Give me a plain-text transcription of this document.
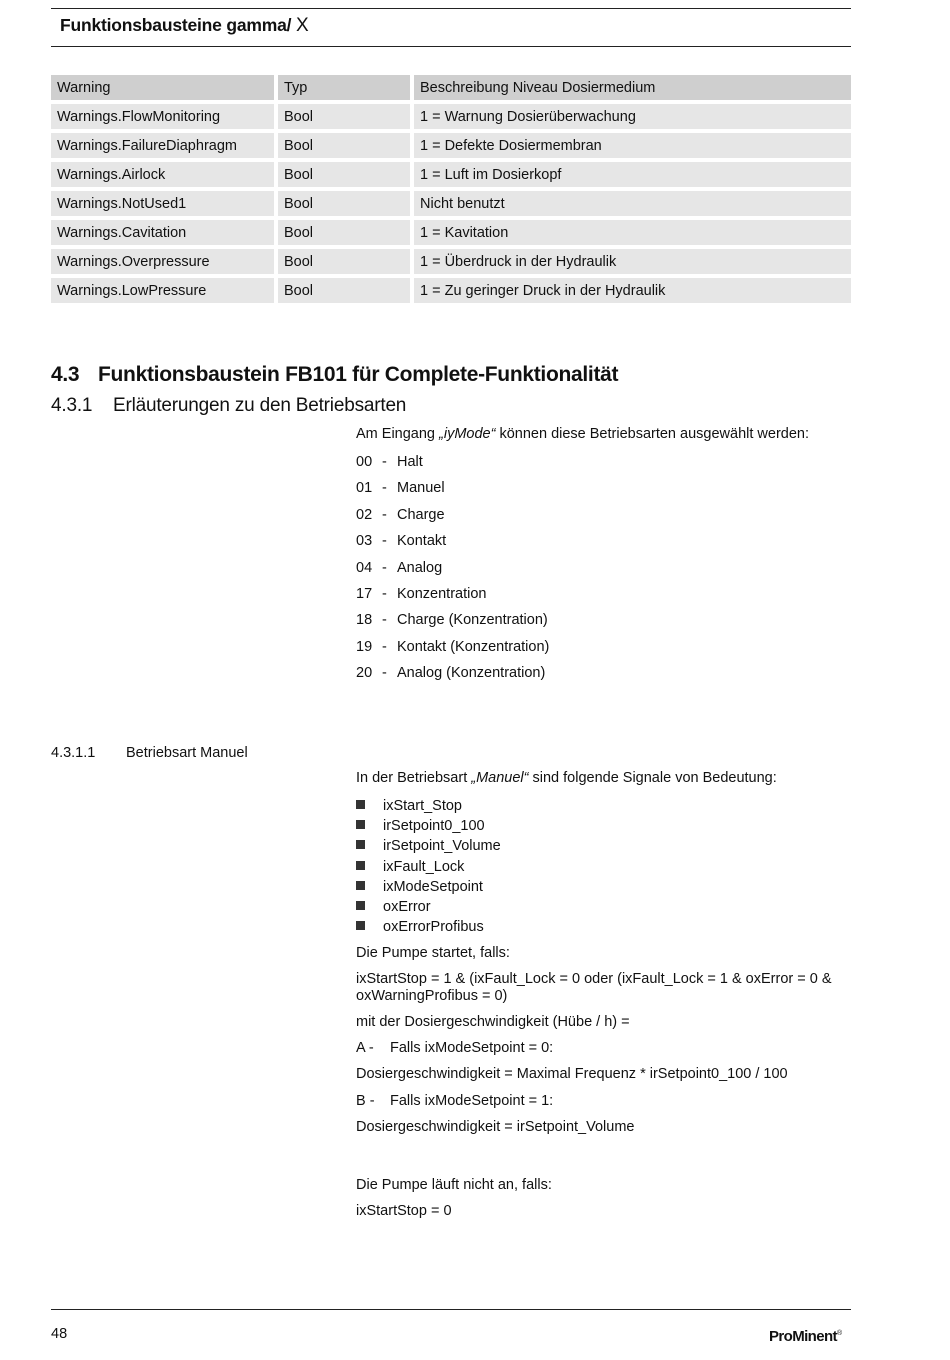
Funktionsbausteine gamma/ X
Warning	Typ	Beschreibung Niveau Dosiermedium
Warnings.FlowMonitoring	Bool	1 = Warnung Dosierüberwachung
Warnings.FailureDiaphragm	Bool	1 = Defekte Dosiermembran
Warnings.Airlock	Bool	1 = Luft im Dosierkopf
Warnings.NotUsed1	Bool	Nicht benutzt
Warnings.Cavitation	Bool	1 = Kavitation
Warnings.Overpressure	Bool	1 = Überdruck in der Hydraulik
Warnings.LowPressure	Bool	1 = Zu geringer Druck in der Hydraulik
4.3 Funktionsbaustein FB101 für Complete-Funktionalität
4.3.1 Erläuterungen zu den Betriebsarten
Am Eingang „iyMode“ können diese Betriebsarten ausgewählt werden:
00 - Halt
01 - Manuel
02 - Charge
03 - Kontakt
04 - Analog
17 - Konzentration
18 - Charge (Konzentration)
19 - Kontakt (Konzentration)
20 - Analog (Konzentration)
4.3.1.1 Betriebsart Manuel
In der Betriebsart „Manuel“ sind folgende Signale von Bedeutung:
ixStart_Stop
irSetpoint0_100
irSetpoint_Volume
ixFault_Lock
ixModeSetpoint
oxError
oxErrorProfibus
Die Pumpe startet, falls:
ixStartStop = 1 & (ixFault_Lock = 0 oder (ixFault_Lock = 1 & oxError = 0 & oxWarningProfibus = 0)
mit der Dosiergeschwindigkeit (Hübe / h) =
A - Falls ixModeSetpoint = 0:
Dosiergeschwindigkeit = Maximal Frequenz * irSetpoint0_100 / 100
B - Falls ixModeSetpoint = 1:
Dosiergeschwindigkeit = irSetpoint_Volume
Die Pumpe läuft nicht an, falls:
ixStartStop = 0
48	ProMinent®
